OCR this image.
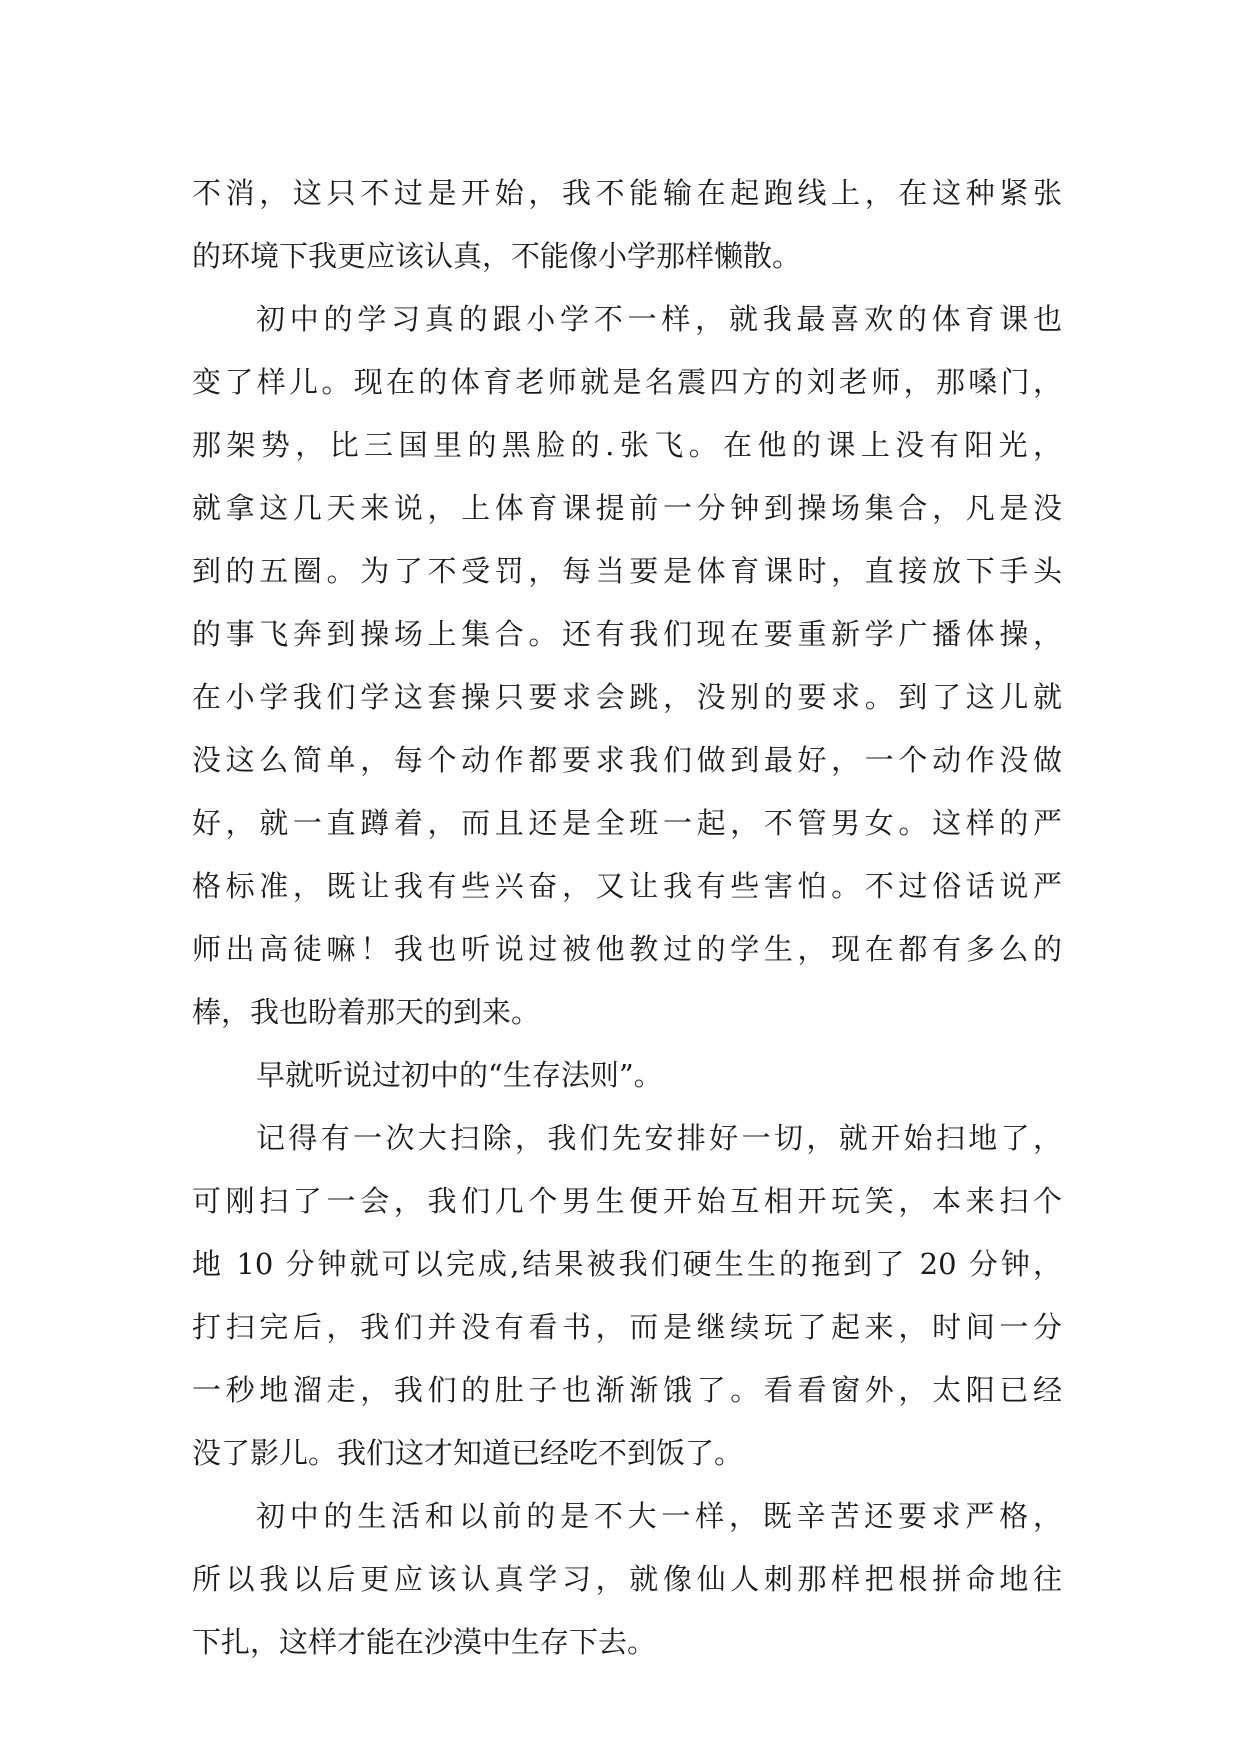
不消，这只不过是开始，我不能输在起跑线上，在这种紧张
的环境下我更应该认真，不能像小学那样懒散。
初中的学习真的跟小学不一样，就我最喜欢的体育课也
变了样儿。现在的体育老师就是名震四方的刘老师，那嗓门，
那架势，比三国里的黑脸的.张飞。在他的课上没有阳光，
就拿这几天来说，上体育课提前一分钟到操场集合，凡是没
到的五圈。为了不受罚，每当要是体育课时，直接放下手头
的事飞奔到操场上集合。还有我们现在要重新学广播体操，
在小学我们学这套操只要求会跳，没别的要求。到了这儿就
没这么简单，每个动作都要求我们做到最好，一个动作没做
好，就一直蹲着，而且还是全班一起，不管男女。这样的严
格标准，既让我有些兴奋，又让我有些害怕。不过俗话说严
师出高徒嘛！我也听说过被他教过的学生，现在都有多么的
棒，我也盼着那天的到来。
早就听说过初中的“生存法则”。
记得有一次大扫除，我们先安排好一切，就开始扫地了，
可刚扫了一会，我们几个男生便开始互相开玩笑，本来扫个
地 10 分钟就可以完成,结果被我们硬生生的拖到了 20 分钟，
打扫完后，我们并没有看书，而是继续玩了起来，时间一分
一秒地溜走，我们的肚子也渐渐饿了。看看窗外，太阳已经
没了影儿。我们这才知道已经吃不到饭了。
初中的生活和以前的是不大一样，既辛苦还要求严格，
所以我以后更应该认真学习，就像仙人刺那样把根拼命地往
下扎，这样才能在沙漠中生存下去。
